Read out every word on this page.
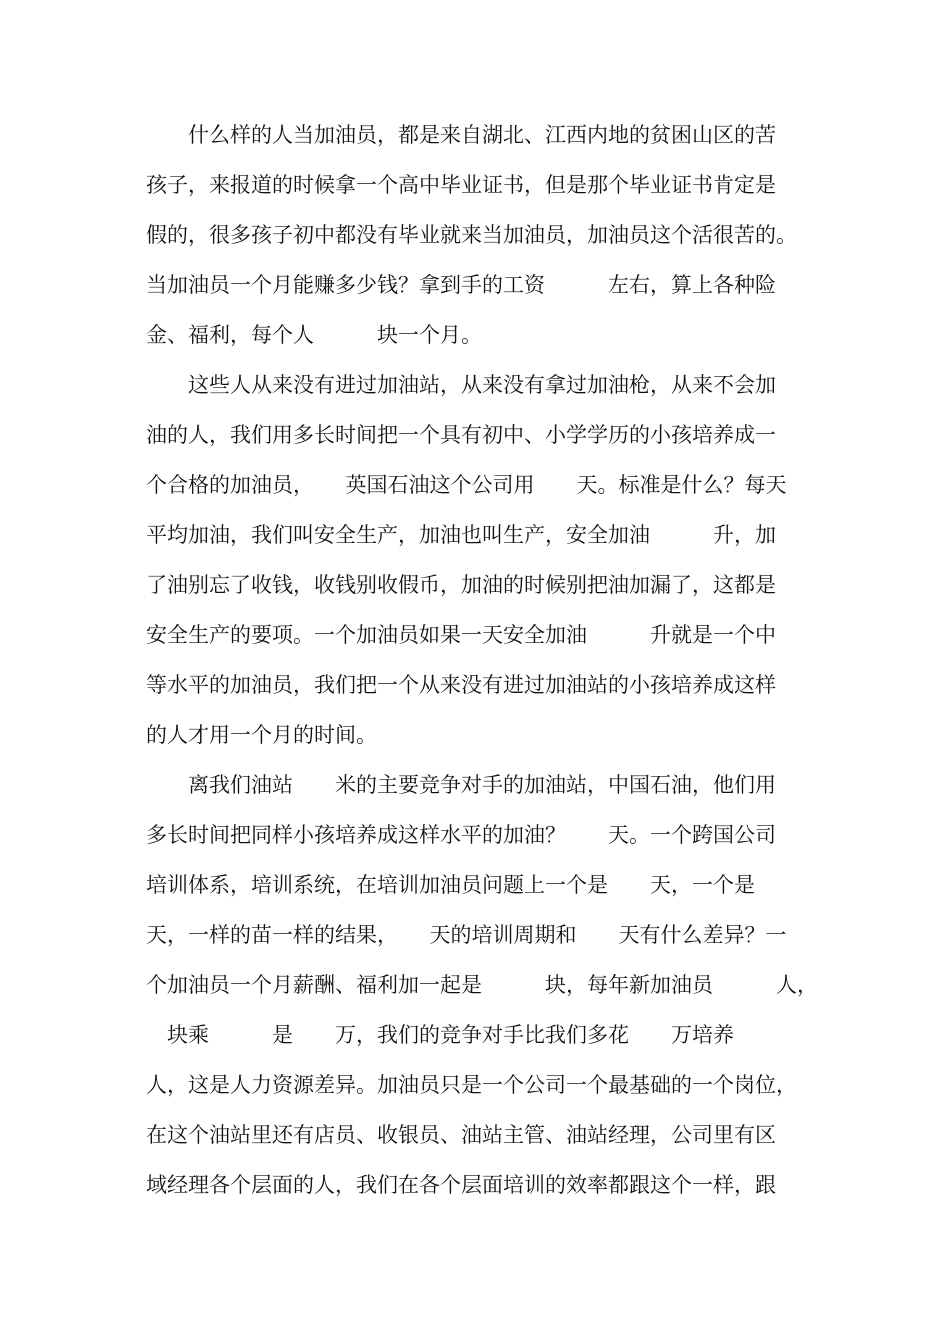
　　什么样的人当加油员，都是来自湖北、江西内地的贫困山区的苦
孩子，来报道的时候拿一个高中毕业证书，但是那个毕业证书肯定是
假的，很多孩子初中都没有毕业就来当加油员，加油员这个活很苦的。
当加油员一个月能赚多少钱？拿到手的工资　　　左右，算上各种险
金、福利，每个人　　　块一个月。
　　这些人从来没有进过加油站，从来没有拿过加油枪，从来不会加
油的人，我们用多长时间把一个具有初中、小学学历的小孩培养成一
个合格的加油员，　　英国石油这个公司用　　天。标准是什么？每天
平均加油，我们叫安全生产，加油也叫生产，安全加油　　　升，加
了油别忘了收钱，收钱别收假币，加油的时候别把油加漏了，这都是
安全生产的要项。一个加油员如果一天安全加油　　　升就是一个中
等水平的加油员，我们把一个从来没有进过加油站的小孩培养成这样
的人才用一个月的时间。
　　离我们油站　　米的主要竞争对手的加油站，中国石油，他们用
多长时间把同样小孩培养成这样水平的加油？　　天。一个跨国公司
培训体系，培训系统，在培训加油员问题上一个是　　天，一个是
天，一样的苗一样的结果，　　天的培训周期和　　天有什么差异？一
个加油员一个月薪酬、福利加一起是　　　块，每年新加油员　　　人，
　块乘　　　是　　万，我们的竞争对手比我们多花　　万培养
人，这是人力资源差异。加油员只是一个公司一个最基础的一个岗位，
在这个油站里还有店员、收银员、油站主管、油站经理，公司里有区
域经理各个层面的人，我们在各个层面培训的效率都跟这个一样，跟
